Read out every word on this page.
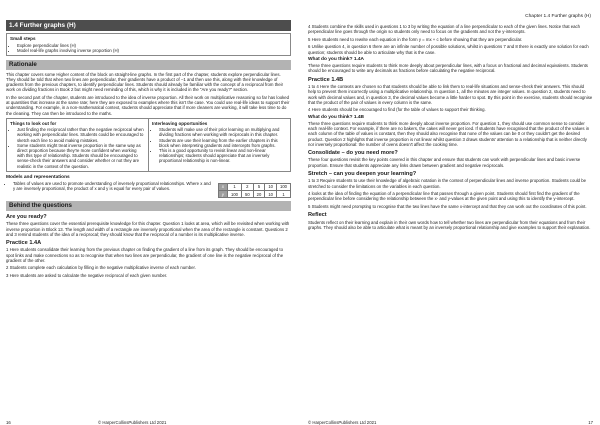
1.4 Further graphs (H)
Small steps
• Explore perpendicular lines (H)
• Model real-life graphs involving inverse proportion (H)
Rationale

This chapter covers some Higher content of the block on straight-line graphs. In the first part of the chapter, students explore perpendicular lines. They should be told that when two lines are perpendicular, their gradients have a product of −1 and then use this, along with their knowledge of gradients from the previous chapters, to identify perpendicular lines. Students should already be familiar with the concept of a reciprocal from their work on dividing fractions in Book 2 but might need reminding of this, which is why it is included in the "Are you ready?" section.

In the second part of the chapter, students are introduced to the idea of inverse proportion. All their work on multiplicative reasoning so far has looked at quantities that increase at the same rate; here they are exposed to examples where this isn't the case. You could use real-life ideas to support their understanding. For example, in a non-mathematical context, students should appreciate that if more cleaners are working, it will take less time to do the cleaning. They can then be introduced to the maths.

Things to look out for
• Just finding the reciprocal rather than the negative reciprocal when working with perpendicular lines. Students could be encouraged to sketch each line to avoid making mistakes.
• Some students might treat inverse proportion in the same way as direct proportion because they're more confident when working with this type of relationship. Students should be encouraged to sense-check their answers and consider whether or not they are realistic in the context of the question.
Interleaving opportunities
• Students will make use of their prior learning on multiplying and dividing fractions when working with reciprocals in this chapter.
• Students are use their learning from the earlier chapters in this block when interpreting gradients and intercepts from graphs.
• This is a good opportunity to revisit linear and non-linear relationships; students should appreciate that an inversely proportional relationship is non-linear.
Models and representations
• Tables of values are used to promote understanding of inversely proportional relationships. Where x and y are inversely proportional, the product of x and y is equal for every pair of values.	x	1	2	5	10	100
y	100	50	20	10	1
Behind the questions
Are you ready?

These three questions cover the essential prerequisite knowledge for this chapter. Question 1 looks at area, which will be revisited when working with inverse proportion in Block 13. The length and width of a rectangle are inversely proportional when the area of the rectangle is constant. Questions 2 and 3 remind students of the idea of a reciprocal; they should know that the reciprocal of a number is its multiplicative inverse.

Practice 1.4A

1 Here students consolidate their learning from the previous chapter on finding the gradient of a line from its graph. They should be encouraged to spot links and make connections so as to recognise that when two lines are perpendicular, the gradient of one line is the negative reciprocal of the gradient of the other.

2 Students complete each calculation by filling in the negative multiplicative inverse of each number.

3 Here students are asked to calculate the negative reciprocal of each given number.

16	© HarperCollinsPublishers Ltd 2021
Chapter 1.4 Further graphs (H)

4 Students combine the skills used in questions 1 to 3 by writing the equation of a line perpendicular to each of the given lines. Notice that each perpendicular line goes through the origin so students only need to focus on the gradients and not the y-intercepts.

5 Here students need to rewrite each equation in the form y = mx + c before showing that they are perpendicular.

6 Unlike question 4, in question 6 there are an infinite number of possible solutions, whilst in questions 7 and 8 there is exactly one solution for each question; students should be able to articulate why that is the case.

What do you think? 1.4A

These three questions require students to think more deeply about perpendicular lines, with a focus on fractional and decimal equivalents. Students should be encouraged to write any decimals as fractions before calculating the negative reciprocal.

Practice 1.4B

1 to 4 Here the contexts are chosen so that students should be able to link them to real-life situations and sense-check their answers. This should help to prevent them incorrectly using a multiplicative relationship. In question 1, all the minutes are integer values. In question 2, students need to work with decimal values and, in question 3, the decimal values become a little harder to spot. By this point in the exercise, students should recognise that the product of the pair of values in every column is the same.

4 Here students should be encouraged to find (for the table of values to support their thinking.

What do you think? 1.4B

These three questions require students to think more deeply about inverse proportion. For question 1, they should use common sense to consider each real-life context. For example, if there are no bakers, the cakes will never get iced. If students have recognised that the product of the values in each column of the table of values is constant, then they should also recognise that none of the values can be 0 or they couldn't get the desired product. Question 2 highlights that inverse proportion is not linear whilst question 3 draws students' attention to a relationship that is neither directly nor inversely proportional: the number of ovens doesn't affect the cooking time.

Consolidate – do you need more?

These four questions revisit the key points covered in this chapter and ensure that students can work with perpendicular lines and basic inverse proportion. Ensure that students appreciate any links drawn between gradient and negative reciprocals.

Stretch – can you deepen your learning?

1 to 3 Require students to use their knowledge of algebraic notation in the context of perpendicular lines and inverse proportion. Students could be stretched to consider the limitations on the variables in each question.

4 looks at the idea of finding the equation of a perpendicular line that passes through a given point. Students should first find the gradient of the perpendicular line before considering the relationship between the x- and y-values at the given point and using this to identify the y-intercept.

5 Students might need prompting to recognise that the two lines have the same x-intercept and that they can work out the coordinates of this point.

Reflect

Students reflect on their learning and explain in their own words how to tell whether two lines are perpendicular from their equations and from their graphs. They should also be able to articulate what is meant by an inversely proportional relationship and give examples to support their explanation.

© HarperCollinsPublishers Ltd 2021	17
